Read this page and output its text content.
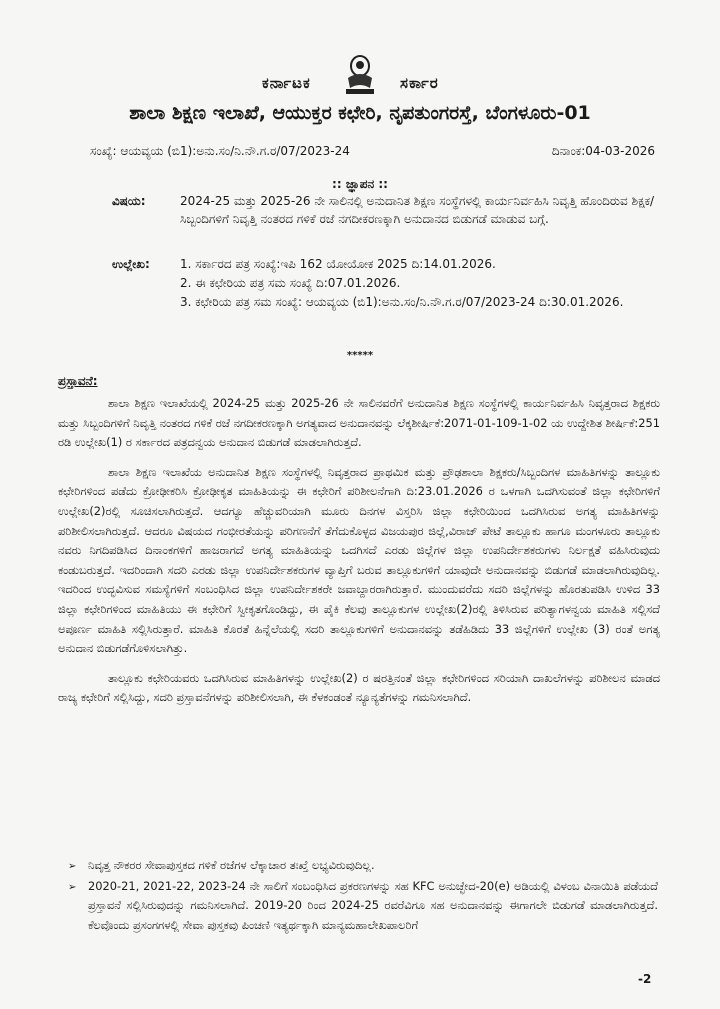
ಕರ್ನಾಟಕ	ಸರ್ಕಾರ
ಶಾಲಾ ಶಿಕ್ಷಣ ಇಲಾಖೆ, ಆಯುಕ್ತರ ಕಛೇರಿ, ನೃಪತುಂಗರಸ್ತೆ, ಬೆಂಗಳೂರು-01
ಸಂಖ್ಯೆ: ಆಯವ್ಯಯ (ಬಿ1):ಅನು.ಸಂ/ನಿ.ನೌ.ಗ.ರ/07/2023-24	ದಿನಾಂಕ:04-03-2026
:: ಜ್ಞಾಪನ ::
ವಿಷಯ:	2024-25 ಮತ್ತು 2025-26 ನೇ ಸಾಲಿನಲ್ಲಿ ಅನುದಾನಿತ ಶಿಕ್ಷಣ ಸಂಸ್ಥೆಗಳಲ್ಲಿ ಕಾರ್ಯನಿರ್ವಹಿಸಿ ನಿವೃತ್ತಿ ಹೊಂದಿರುವ ಶಿಕ್ಷಕ/ಸಿಬ್ಬಂದಿಗಳಿಗೆ ನಿವೃತ್ತಿ ನಂತರದ ಗಳಿಕೆ ರಜೆ ನಗದೀಕರಣಕ್ಕಾಗಿ ಅನುದಾನದ ಬಿಡುಗಡೆ ಮಾಡುವ ಬಗ್ಗೆ.
ಉಲ್ಲೇಖ:	1. ಸರ್ಕಾರದ ಪತ್ರ ಸಂಖ್ಯೆ:ಇಪಿ 162 ಯೋಯೋಕ 2025 ದಿ:14.01.2026.
2. ಈ ಕಛೇರಿಯ ಪತ್ರ ಸಮ ಸಂಖ್ಯೆ ದಿ:07.01.2026.
3. ಕಛೇರಿಯ ಪತ್ರ ಸಮ ಸಂಖ್ಯೆ: ಆಯವ್ಯಯ (ಬಿ1):ಅನು.ಸಂ/ನಿ.ನೌ.ಗ.ರ/07/2023-24 ದಿ:30.01.2026.
*****
ಪ್ರಸ್ತಾವನೆ:

ಶಾಲಾ ಶಿಕ್ಷಣ ಇಲಾಖೆಯಲ್ಲಿ 2024-25 ಮತ್ತು 2025-26 ನೇ ಸಾಲಿನವರೆಗೆ ಅನುದಾನಿತ ಶಿಕ್ಷಣ ಸಂಸ್ಥೆಗಳಲ್ಲಿ ಕಾರ್ಯನಿರ್ವಹಿಸಿ ನಿವೃತ್ತರಾದ ಶಿಕ್ಷಕರು ಮತ್ತು ಸಿಬ್ಬಂದಿಗಳಿಗೆ ನಿವೃತ್ತಿ ನಂತರದ ಗಳಿಕೆ ರಜೆ ನಗದೀಕರಣಕ್ಕಾಗಿ ಅಗತ್ಯವಾದ ಅನುದಾನವನ್ನು ಲೆಕ್ಕಶೀರ್ಷಿಕೆ:2071-01-109-1-02 ಯ ಉದ್ದೇಶಿತ ಶೀರ್ಷಿಕೆ:251 ರಡಿ ಉಲ್ಲೇಖ(1) ರ ಸರ್ಕಾರದ ಪತ್ರದನ್ವಯ ಅನುದಾನ ಬಿಡುಗಡೆ ಮಾಡಲಾಗಿರುತ್ತದೆ.

ಶಾಲಾ ಶಿಕ್ಷಣ ಇಲಾಖೆಯ ಅನುದಾನಿತ ಶಿಕ್ಷಣ ಸಂಸ್ಥೆಗಳಲ್ಲಿ ನಿವೃತ್ತರಾದ ಪ್ರಾಥಮಿಕ ಮತ್ತು ಪ್ರೌಢಶಾಲಾ ಶಿಕ್ಷಕರು/ಸಿಬ್ಬಂದಿಗಳ ಮಾಹಿತಿಗಳನ್ನು ತಾಲ್ಲೂಕು ಕಛೇರಿಗಳಿಂದ ಪಡೆದು ಕ್ರೋಢೀಕರಿಸಿ ಕ್ರೋಢೀಕೃತ ಮಾಹಿತಿಯನ್ನು ಈ ಕಛೇರಿಗೆ ಪರಿಶೀಲನೆಗಾಗಿ ದಿ:23.01.2026 ರ ಒಳಗಾಗಿ ಒದಗಿಸುವಂತೆ ಜಿಲ್ಲಾ ಕಛೇರಿಗಳಿಗೆ ಉಲ್ಲೇಖ(2)ರಲ್ಲಿ ಸೂಚಿಸಲಾಗಿರುತ್ತದೆ. ಆದಗ್ಯೂ ಹೆಚ್ಚುವರಿಯಾಗಿ ಮೂರು ದಿನಗಳ ವಿಸ್ತರಿಸಿ ಜಿಲ್ಲಾ ಕಛೇರಿಯಿಂದ ಒದಗಿಸಿರುವ ಅಗತ್ಯ ಮಾಹಿತಿಗಳನ್ನು ಪರಿಶೀಲಿಸಲಾಗಿರುತ್ತದೆ. ಆದರೂ ವಿಷಯದ ಗಂಭೀರತೆಯನ್ನು ಪರಿಗಣನೆಗೆ ತೆಗೆದುಕೊಳ್ಳದ ವಿಜಯಪುರ ಜಿಲ್ಲೆ,ವಿರಾಜ್ ಪೇಟೆ ತಾಲ್ಲೂಕು ಹಾಗೂ ಮಂಗಳೂರು ತಾಲ್ಲೂಕು ನವರು ನಿಗದಿಪಡಿಸಿದ ದಿನಾಂಕಗಳಿಗೆ ಹಾಜರಾಗದೆ ಅಗತ್ಯ ಮಾಹಿತಿಯನ್ನು ಒದಗಿಸದೆ ಎರಡು ಜಿಲ್ಲೆಗಳ ಜಿಲ್ಲಾ ಉಪನಿರ್ದೇಶಕರುಗಳು ನಿರ್ಲಕ್ಷತೆ ವಹಿಸಿರುವುದು ಕಂಡುಬರುತ್ತದೆ. ಇದರಿಂದಾಗಿ ಸದರಿ ಎರಡು ಜಿಲ್ಲಾ ಉಪನಿರ್ದೇಶಕರುಗಳ ವ್ಯಾಪ್ತಿಗೆ ಬರುವ ತಾಲ್ಲೂಕುಗಳಿಗೆ ಯಾವುದೇ ಅನುದಾನವನ್ನು ಬಿಡುಗಡೆ ಮಾಡಲಾಗಿರುವುದಿಲ್ಲ. ಇದರಿಂದ ಉದ್ಭವಿಸುವ ಸಮಸ್ಯೆಗಳಿಗೆ ಸಂಬಂಧಿಸಿದ ಜಿಲ್ಲಾ ಉಪನಿರ್ದೇಶಕರೇ ಜವಾಬ್ದಾರರಾಗಿರುತ್ತಾರೆ. ಮುಂದುವರೆದು ಸದರಿ ಜಿಲ್ಲೆಗಳನ್ನು ಹೊರತುಪಡಿಸಿ ಉಳಿದ 33 ಜಿಲ್ಲಾ ಕಛೇರಿಗಳಿಂದ ಮಾಹಿತಿಯು ಈ ಕಛೇರಿಗೆ ಸ್ವೀಕೃತಗೊಂಡಿದ್ದು, ಈ ಪೈಕಿ ಕೆಲವು ತಾಲ್ಲೂಕುಗಳ ಉಲ್ಲೇಖ(2)ರಲ್ಲಿ ತಿಳಿಸಿರುವ ಪರಿತ್ಯಾಗಳನ್ವಯ ಮಾಹಿತಿ ಸಲ್ಲಿಸದೆ ಅಪೂರ್ಣ ಮಾಹಿತಿ ಸಲ್ಲಿಸಿರುತ್ತಾರೆ. ಮಾಹಿತಿ ಕೊರತೆ ಹಿನ್ನೆಲೆಯಲ್ಲಿ ಸದರಿ ತಾಲ್ಲೂಕುಗಳಿಗೆ ಅನುದಾನವನ್ನು ತಡೆಹಿಡಿದು 33 ಜಿಲ್ಲೆಗಳಿಗೆ ಉಲ್ಲೇಖ (3) ರಂತೆ ಅಗತ್ಯ ಅನುದಾನ ಬಿಡುಗಡೆಗೊಳಿಸಲಾಗಿತ್ತು.

ತಾಲ್ಲೂಕು ಕಛೇರಿಯವರು ಒದಗಿಸಿರುವ ಮಾಹಿತಿಗಳನ್ನು ಉಲ್ಲೇಖ(2) ರ ಷರತ್ತಿನಂತೆ ಜಿಲ್ಲಾ ಕಛೇರಿಗಳಿಂದ ಸರಿಯಾಗಿ ದಾಖಲೆಗಳನ್ನು ಪರಿಶೀಲನ ಮಾಡದ ರಾಜ್ಯ ಕಛೇರಿಗೆ ಸಲ್ಲಿಸಿದ್ದು, ಸದರಿ ಪ್ರಸ್ತಾವನೆಗಳನ್ನು ಪರಿಶೀಲಿಸಲಾಗಿ, ಈ ಕೆಳಕಂಡಂತೆ ನ್ಯೂನ್ಯತೆಗಳನ್ನು ಗಮನಿಸಲಾಗಿದೆ.

➢	ನಿವೃತ್ತ ನೌಕರರ ಸೇವಾಪುಸ್ತಕದ ಗಳಿಕೆ ರಜೆಗಳ ಲೆಕ್ಕಾಚಾರ ತಃಖ್ತೆ ಲಭ್ಯವಿರುವುದಿಲ್ಲ.
➢	2020-21, 2021-22, 2023-24 ನೇ ಸಾಲಿಗೆ ಸಂಬಂಧಿಸಿದ ಪ್ರಕರಣಗಳನ್ನು ಸಹ KFC ಅನುಚ್ಛೇದ-20(e) ಅಡಿಯಲ್ಲಿ ವಿಳಂಬ ವಿನಾಯಿತಿ ಪಡೆಯದೆ ಪ್ರಸ್ತಾವನೆ ಸಲ್ಲಿಸಿರುವುದನ್ನು ಗಮನಿಸಲಾಗಿದೆ. 2019-20 ರಿಂದ 2024-25 ರವರೆವಿಗೂ ಸಹ ಅನುದಾನವನ್ನು ಈಗಾಗಲೇ ಬಿಡುಗಡೆ ಮಾಡಲಾಗಿರುತ್ತದೆ. ಕೆಲವೊಂದು ಪ್ರಸಂಗಗಳಲ್ಲಿ ಸೇವಾ ಪುಸ್ತಕವು ಪಿಂಚಣಿ ಇತ್ಯರ್ಥಕ್ಕಾಗಿ ಮಾನ್ಯಮಹಾಲೇಖಪಾಲರಿಗೆ
-2
